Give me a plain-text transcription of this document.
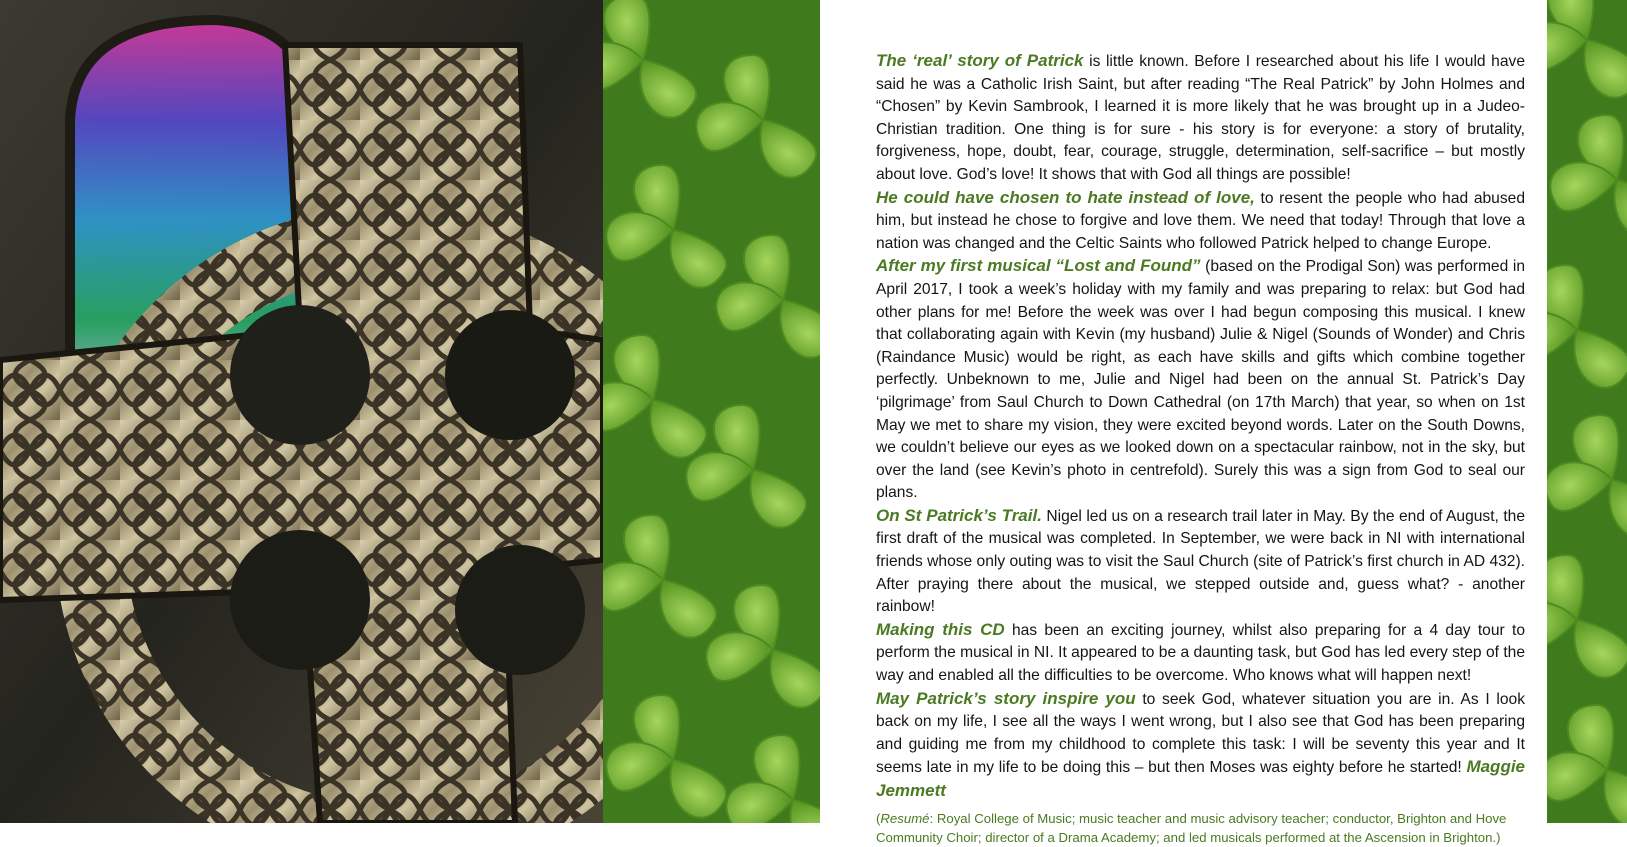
The ‘real’ story of Patrick is little known. Before I researched about his life I would have said he was a Catholic Irish Saint, but after reading “The Real Patrick” by John Holmes and “Chosen” by Kevin Sambrook, I learned it is more likely that he was brought up in a Judeo-Christian tradition. One thing is for sure - his story is for everyone: a story of brutality, forgiveness, hope, doubt, fear, courage, struggle, determination, self-sacrifice – but mostly about love. God’s love! It shows that with God all things are possible!

He could have chosen to hate instead of love, to resent the people who had abused him, but instead he chose to forgive and love them. We need that today! Through that love a nation was changed and the Celtic Saints who followed Patrick helped to change Europe.

After my first musical “Lost and Found” (based on the Prodigal Son) was performed in April 2017, I took a week’s holiday with my family and was preparing to relax: but God had other plans for me! Before the week was over I had begun composing this musical. I knew that collaborating again with Kevin (my husband) Julie & Nigel (Sounds of Wonder) and Chris (Raindance Music) would be right, as each have skills and gifts which combine together perfectly. Unbeknown to me, Julie and Nigel had been on the annual St. Patrick’s Day ‘pilgrimage’ from Saul Church to Down Cathedral (on 17th March) that year, so when on 1st May we met to share my vision, they were excited beyond words. Later on the South Downs, we couldn’t believe our eyes as we looked down on a spectacular rainbow, not in the sky, but over the land (see Kevin’s photo in centrefold). Surely this was a sign from God to seal our plans.

On St Patrick’s Trail. Nigel led us on a research trail later in May. By the end of August, the first draft of the musical was completed. In September, we were back in NI with international friends whose only outing was to visit the Saul Church (site of Patrick’s first church in AD 432). After praying there about the musical, we stepped outside and, guess what? - another rainbow!

Making this CD has been an exciting journey, whilst also preparing for a 4 day tour to perform the musical in NI. It appeared to be a daunting task, but God has led every step of the way and enabled all the difficulties to be overcome. Who knows what will happen next!

May Patrick’s story inspire you to seek God, whatever situation you are in. As I look back on my life, I see all the ways I went wrong, but I also see that God has been preparing and guiding me from my childhood to complete this task: I will be seventy this year and It seems late in my life to be doing this – but then Moses was eighty before he started! Maggie Jemmett

(Resumé: Royal College of Music; music teacher and music advisory teacher; conductor, Brighton and Hove Community Choir; director of a Drama Academy; and led musicals performed at the Ascension in Brighton.)
